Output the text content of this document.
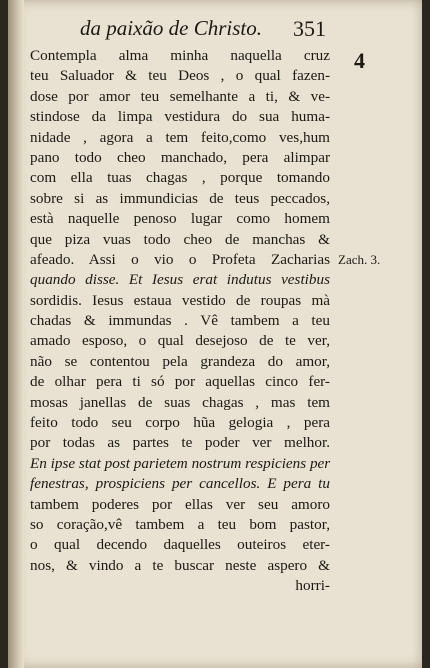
da paixão de Christo. 351
4
Zach. 3.
Contempla alma minha naquella cruz
teu Saluador & teu Deos , o qual fazen-
dose por amor teu semelhante a ti, & ve-
stindose da limpa vestidura do sua huma-
nidade , agora a tem feito,como ves,hum
pano todo cheo manchado, pera alimpar
com ella tuas chagas , porque tomando
sobre si as immundicias de teus peccados,
està naquelle penoso lugar como homem
que piza vuas todo cheo de manchas &
afeado. Assi o vio o Profeta Zacharias
quando disse. Et Iesus erat indutus vestibus
sordidis. Iesus estaua vestido de roupas mà
chadas & immundas . Vê tambem a teu
amado esposo, o qual desejoso de te ver,
não se contentou pela grandeza do amor,
de olhar pera ti só por aquellas cinco fer-
mosas janellas de suas chagas , mas tem
feito todo seu corpo hũa gelogia , pera
por todas as partes te poder ver melhor.
En ipse stat post parietem nostrum respiciens per
fenestras, prospiciens per cancellos. E pera tu
tambem poderes por ellas ver seu amoro
so coração,vê tambem a teu bom pastor,
o qual decendo daquelles outeiros eter-
nos, & vindo a te buscar neste aspero &
horri-
